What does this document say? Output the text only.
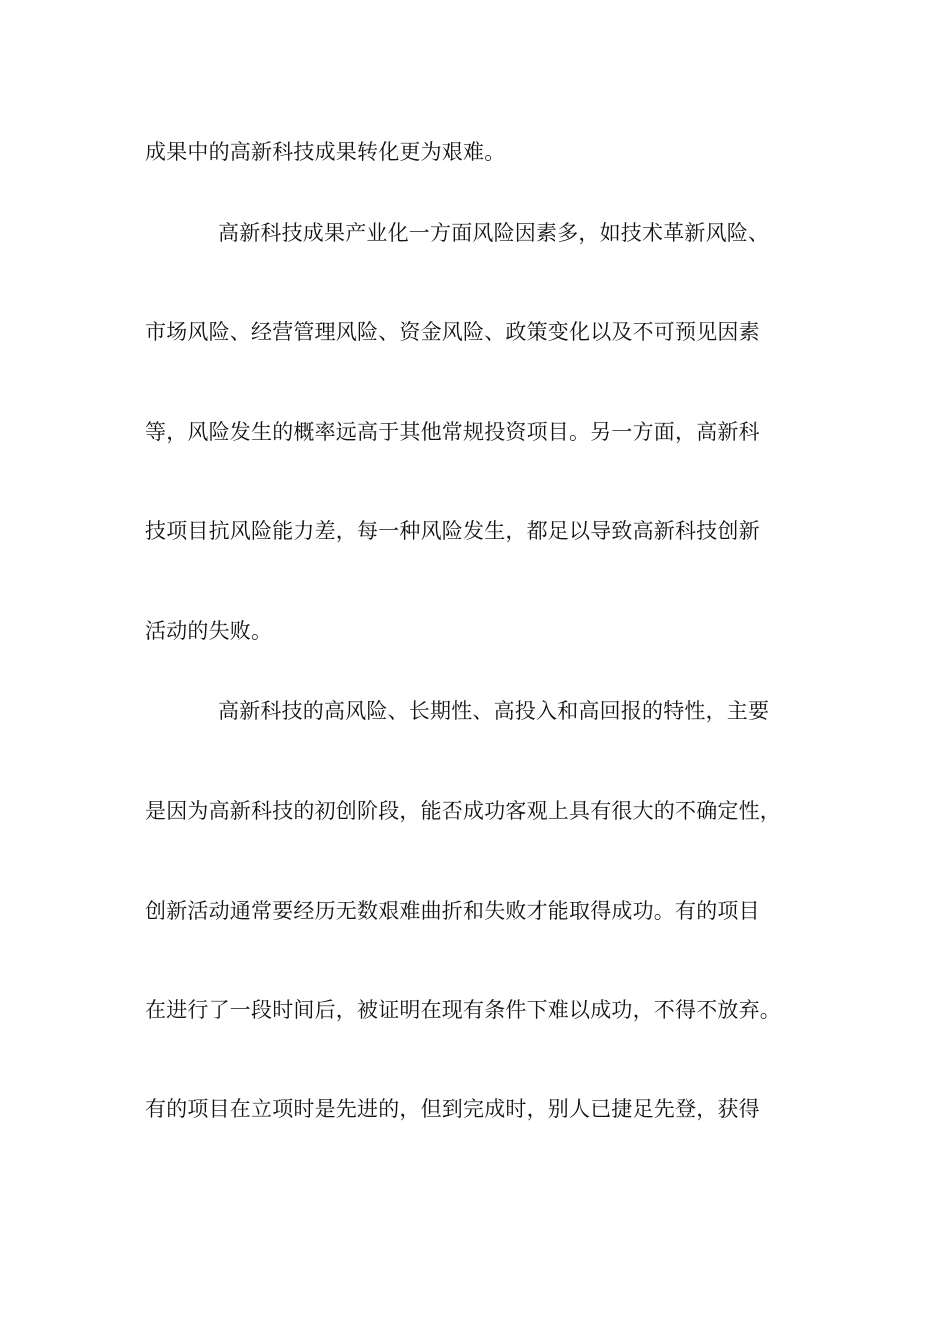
成果中的高新科技成果转化更为艰难。
高新科技成果产业化一方面风险因素多，如技术革新风险、
市场风险、经营管理风险、资金风险、政策变化以及不可预见因素
等，风险发生的概率远高于其他常规投资项目。另一方面，高新科
技项目抗风险能力差，每一种风险发生，都足以导致高新科技创新
活动的失败。
高新科技的高风险、长期性、高投入和高回报的特性，主要
是因为高新科技的初创阶段，能否成功客观上具有很大的不确定性，
创新活动通常要经历无数艰难曲折和失败才能取得成功。有的项目
在进行了一段时间后，被证明在现有条件下难以成功，不得不放弃。
有的项目在立项时是先进的，但到完成时，别人已捷足先登，获得
